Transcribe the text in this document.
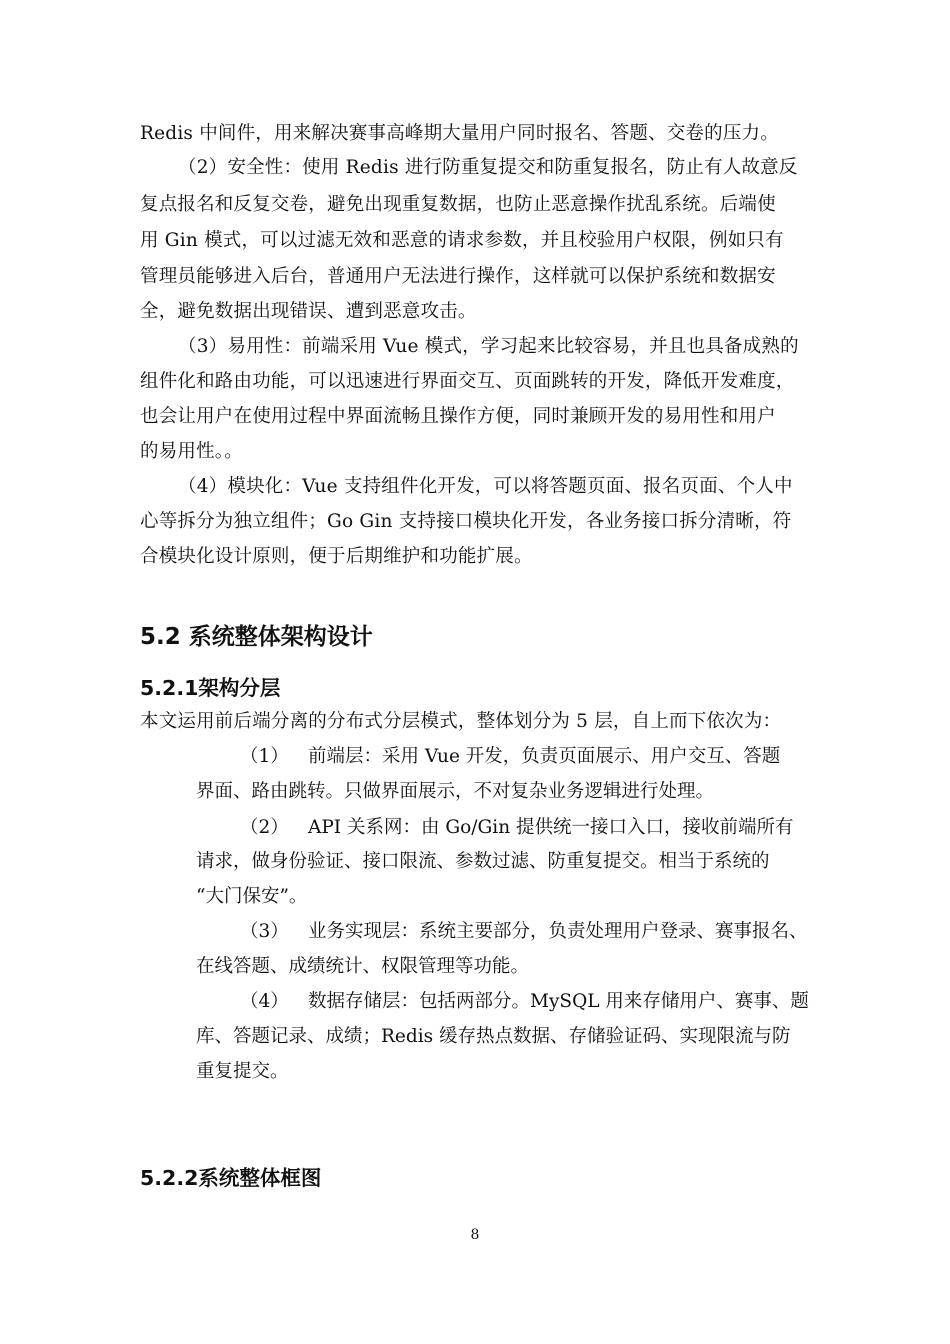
Redis 中间件，用来解决赛事高峰期大量用户同时报名、答题、交卷的压力。
（2）安全性：使用 Redis 进行防重复提交和防重复报名，防止有人故意反
复点报名和反复交卷，避免出现重复数据，也防止恶意操作扰乱系统。后端使
用 Gin 模式，可以过滤无效和恶意的请求参数，并且校验用户权限，例如只有
管理员能够进入后台，普通用户无法进行操作，这样就可以保护系统和数据安
全，避免数据出现错误、遭到恶意攻击。
（3）易用性：前端采用 Vue 模式，学习起来比较容易，并且也具备成熟的
组件化和路由功能，可以迅速进行界面交互、页面跳转的开发，降低开发难度，
也会让用户在使用过程中界面流畅且操作方便，同时兼顾开发的易用性和用户
的易用性。。
（4）模块化：Vue 支持组件化开发，可以将答题页面、报名页面、个人中
心等拆分为独立组件；Go Gin 支持接口模块化开发，各业务接口拆分清晰，符
合模块化设计原则，便于后期维护和功能扩展。
5.2 系统整体架构设计
5.2.1架构分层
本文运用前后端分离的分布式分层模式，整体划分为 5 层，自上而下依次为：
（1） 前端层：采用 Vue 开发，负责页面展示、用户交互、答题
界面、路由跳转。只做界面展示，不对复杂业务逻辑进行处理。
（2） API 关系网：由 Go/Gin 提供统一接口入口，接收前端所有
请求，做身份验证、接口限流、参数过滤、防重复提交。相当于系统的
“大门保安”。
（3） 业务实现层：系统主要部分，负责处理用户登录、赛事报名、
在线答题、成绩统计、权限管理等功能。
（4） 数据存储层：包括两部分。MySQL 用来存储用户、赛事、题
库、答题记录、成绩；Redis 缓存热点数据、存储验证码、实现限流与防
重复提交。
5.2.2系统整体框图
8
